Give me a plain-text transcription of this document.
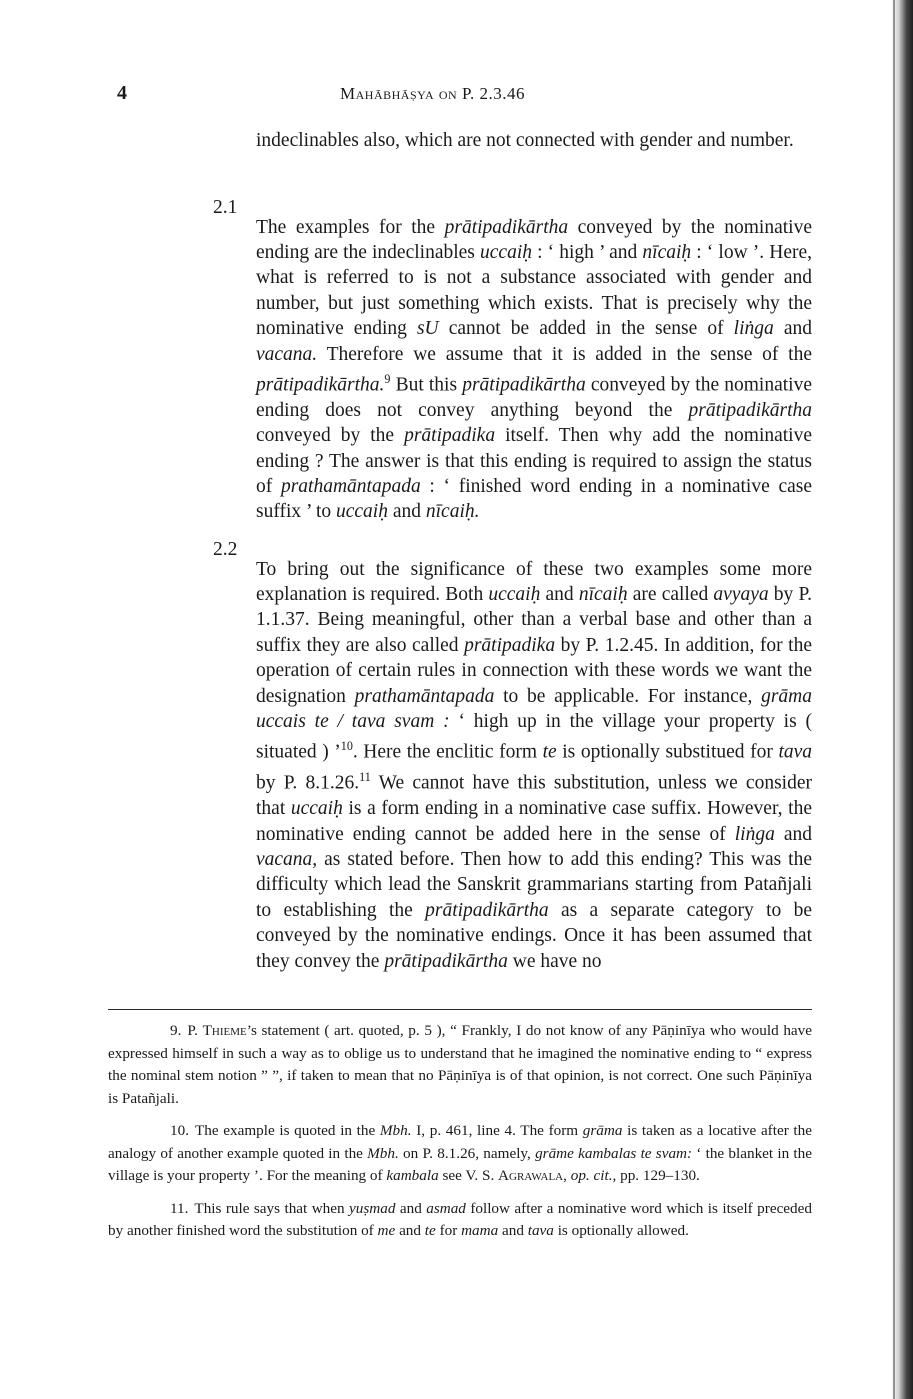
4	Mahābhāṣya on P. 2.3.46

indeclinables also, which are not connected with gender and number.

2.1

The examples for the prātipadikārtha conveyed by the nominative ending are the indeclinables uccaiḥ : ‘ high ’ and nīcaiḥ : ‘ low ’. Here, what is referred to is not a substance associated with gender and number, but just something which exists. That is precisely why the nominative ending sU cannot be added in the sense of liṅga and vacana. Therefore we assume that it is added in the sense of the prātipadikārtha.$^9$ But this prātipadikārtha conveyed by the nominative ending does not convey anything beyond the prātipadikārtha conveyed by the prātipadika itself. Then why add the nominative ending ? The answer is that this ending is required to assign the status of prathamāntapada : ‘ finished word ending in a nominative case suffix ’ to uccaiḥ and nīcaiḥ.

2.2

To bring out the significance of these two examples some more explanation is required. Both uccaiḥ and nīcaiḥ are called avyaya by P. 1.1.37. Being meaningful, other than a verbal base and other than a suffix they are also called prātipadika by P. 1.2.45. In addition, for the operation of certain rules in connection with these words we want the designation prathamāntapada to be applicable. For instance, grāma uccais te / tava svam : ‘ high up in the village your property is ( situated ) ’$^{10}$. Here the enclitic form te is optionally substitued for tava by P. 8.1.26.11 We cannot have this substitution, unless we consider that uccaiḥ is a form ending in a nominative case suffix. However, the nominative ending cannot be added here in the sense of liṅga and vacana, as stated before. Then how to add this ending? This was the difficulty which lead the Sanskrit grammarians starting from Patañjali to establishing the prātipadikārtha as a separate category to be conveyed by the nominative endings. Once it has been assumed that they convey the prātipadikārtha we have no

9. P. Thieme’s statement ( art. quoted, p. 5 ), “ Frankly, I do not know of any Pāṇinīya who would have expressed himself in such a way as to oblige us to understand that he imagined the nominative ending to “ express the nominal stem notion ” ”, if taken to mean that no Pāṇinīya is of that opinion, is not correct. One such Pāṇinīya is Patañjali.

10. The example is quoted in the Mbh. I, p. 461, line 4. The form grāma is taken as a locative after the analogy of another example quoted in the Mbh. on P. 8.1.26, namely, grāme kambalas te svam: ‘ the blanket in the village is your property ’. For the meaning of kambala see V. S. Agrawala, op. cit., pp. 129–130.

11. This rule says that when yuṣmad and asmad follow after a nominative word which is itself preceded by another finished word the substitution of me and te for mama and tava is optionally allowed.
